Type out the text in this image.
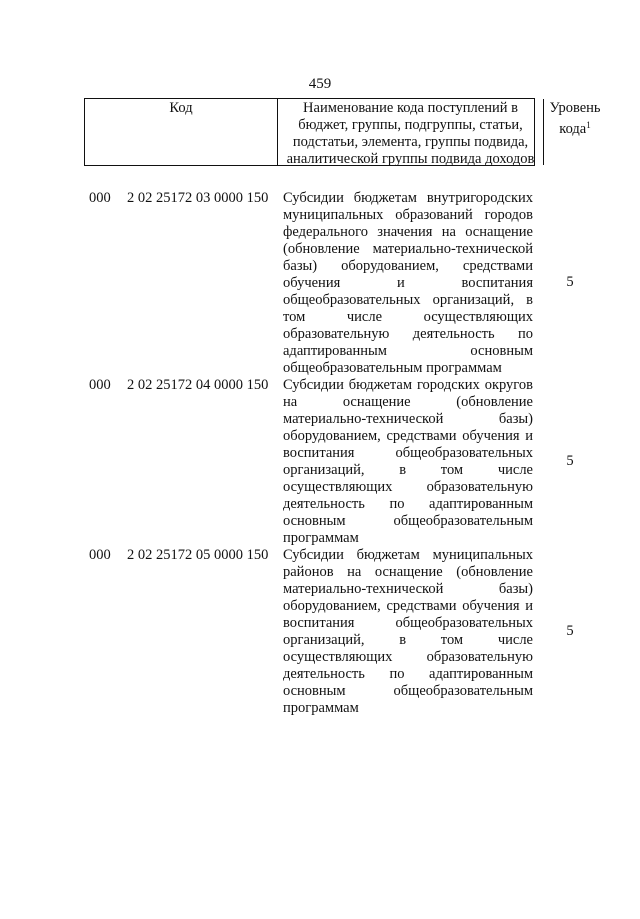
459
Код	Наименование кода поступлений в бюджет, группы, подгруппы, статьи, подстатьи, элемента, группы подвида, аналитической группы подвида доходов
Уровень кода$^1$
000 2 02 25172 03 0000 150 Субсидии бюджетам внутригородских муниципальных образований городов федерального значения на оснащение (обновление материально-технической базы) оборудованием, средствами обучения и воспитания общеобразовательных организаций, в том числе осуществляющих образовательную деятельность по адаптированным основным общеобразовательным программам
5
000 2 02 25172 04 0000 150 Субсидии бюджетам городских округов на оснащение (обновление материально-технической базы) оборудованием, средствами обучения и воспитания общеобразовательных организаций, в том числе осуществляющих образовательную деятельность по адаптированным основным общеобразовательным программам
5
000 2 02 25172 05 0000 150 Субсидии бюджетам муниципальных районов на оснащение (обновление материально-технической базы) оборудованием, средствами обучения и воспитания общеобразовательных организаций, в том числе осуществляющих образовательную деятельность по адаптированным основным общеобразовательным программам
5
